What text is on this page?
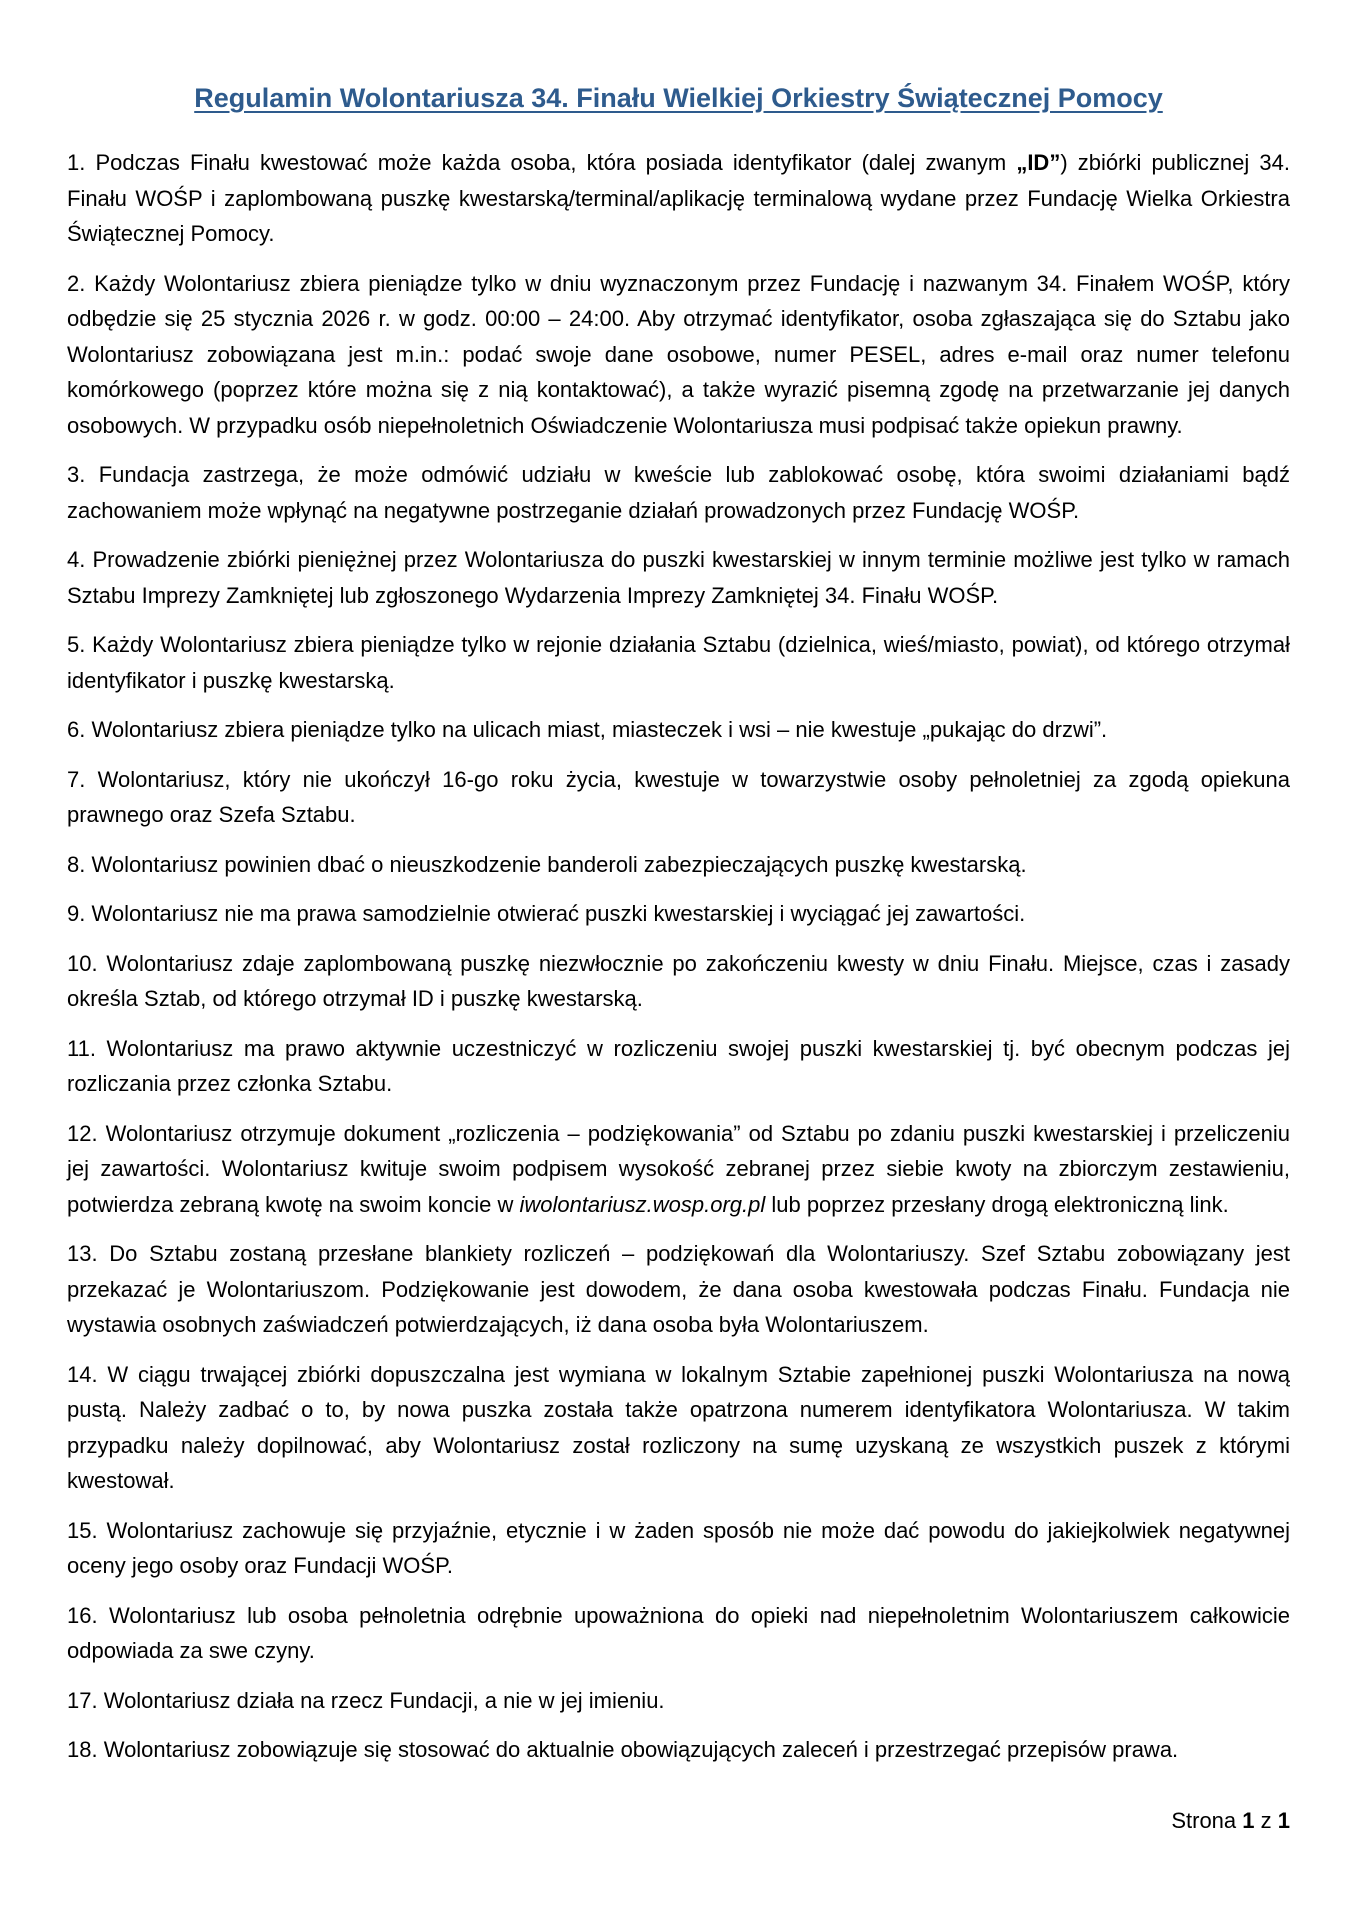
Regulamin Wolontariusza 34. Finału Wielkiej Orkiestry Świątecznej Pomocy

1. Podczas Finału kwestować może każda osoba, która posiada identyfikator (dalej zwanym „ID”) zbiórki publicznej 34. Finału WOŚP i zaplombowaną puszkę kwestarską/terminal/aplikację terminalową wydane przez Fundację Wielka Orkiestra Świątecznej Pomocy.

2. Każdy Wolontariusz zbiera pieniądze tylko w dniu wyznaczonym przez Fundację i nazwanym 34. Finałem WOŚP, który odbędzie się 25 stycznia 2026 r. w godz. 00:00 – 24:00. Aby otrzymać identyfikator, osoba zgłaszająca się do Sztabu jako Wolontariusz zobowiązana jest m.in.: podać swoje dane osobowe, numer PESEL, adres e-mail oraz numer telefonu komórkowego (poprzez które można się z nią kontaktować), a także wyrazić pisemną zgodę na przetwarzanie jej danych osobowych. W przypadku osób niepełnoletnich Oświadczenie Wolontariusza musi podpisać także opiekun prawny.

3. Fundacja zastrzega, że może odmówić udziału w kweście lub zablokować osobę, która swoimi działaniami bądź zachowaniem może wpłynąć na negatywne postrzeganie działań prowadzonych przez Fundację WOŚP.

4. Prowadzenie zbiórki pieniężnej przez Wolontariusza do puszki kwestarskiej w innym terminie możliwe jest tylko w ramach Sztabu Imprezy Zamkniętej lub zgłoszonego Wydarzenia Imprezy Zamkniętej 34. Finału WOŚP.

5. Każdy Wolontariusz zbiera pieniądze tylko w rejonie działania Sztabu (dzielnica, wieś/miasto, powiat), od którego otrzymał identyfikator i puszkę kwestarską.

6. Wolontariusz zbiera pieniądze tylko na ulicach miast, miasteczek i wsi – nie kwestuje „pukając do drzwi”.

7. Wolontariusz, który nie ukończył 16-go roku życia, kwestuje w towarzystwie osoby pełnoletniej za zgodą opiekuna prawnego oraz Szefa Sztabu.

8. Wolontariusz powinien dbać o nieuszkodzenie banderoli zabezpieczających puszkę kwestarską.

9. Wolontariusz nie ma prawa samodzielnie otwierać puszki kwestarskiej i wyciągać jej zawartości.

10. Wolontariusz zdaje zaplombowaną puszkę niezwłocznie po zakończeniu kwesty w dniu Finału. Miejsce, czas i zasady określa Sztab, od którego otrzymał ID i puszkę kwestarską.

11. Wolontariusz ma prawo aktywnie uczestniczyć w rozliczeniu swojej puszki kwestarskiej tj. być obecnym podczas jej rozliczania przez członka Sztabu.

12. Wolontariusz otrzymuje dokument „rozliczenia – podziękowania” od Sztabu po zdaniu puszki kwestarskiej i przeliczeniu jej zawartości. Wolontariusz kwituje swoim podpisem wysokość zebranej przez siebie kwoty na zbiorczym zestawieniu, potwierdza zebraną kwotę na swoim koncie w iwolontariusz.wosp.org.pl lub poprzez przesłany drogą elektroniczną link.

13. Do Sztabu zostaną przesłane blankiety rozliczeń – podziękowań dla Wolontariuszy. Szef Sztabu zobowiązany jest przekazać je Wolontariuszom. Podziękowanie jest dowodem, że dana osoba kwestowała podczas Finału. Fundacja nie wystawia osobnych zaświadczeń potwierdzających, iż dana osoba była Wolontariuszem.

14. W ciągu trwającej zbiórki dopuszczalna jest wymiana w lokalnym Sztabie zapełnionej puszki Wolontariusza na nową pustą. Należy zadbać o to, by nowa puszka została także opatrzona numerem identyfikatora Wolontariusza. W takim przypadku należy dopilnować, aby Wolontariusz został rozliczony na sumę uzyskaną ze wszystkich puszek z którymi kwestował.

15. Wolontariusz zachowuje się przyjaźnie, etycznie i w żaden sposób nie może dać powodu do jakiejkolwiek negatywnej oceny jego osoby oraz Fundacji WOŚP.

16. Wolontariusz lub osoba pełnoletnia odrębnie upoważniona do opieki nad niepełnoletnim Wolontariuszem całkowicie odpowiada za swe czyny.

17. Wolontariusz działa na rzecz Fundacji, a nie w jej imieniu.

18. Wolontariusz zobowiązuje się stosować do aktualnie obowiązujących zaleceń i przestrzegać przepisów prawa.

Strona 1 z 1
